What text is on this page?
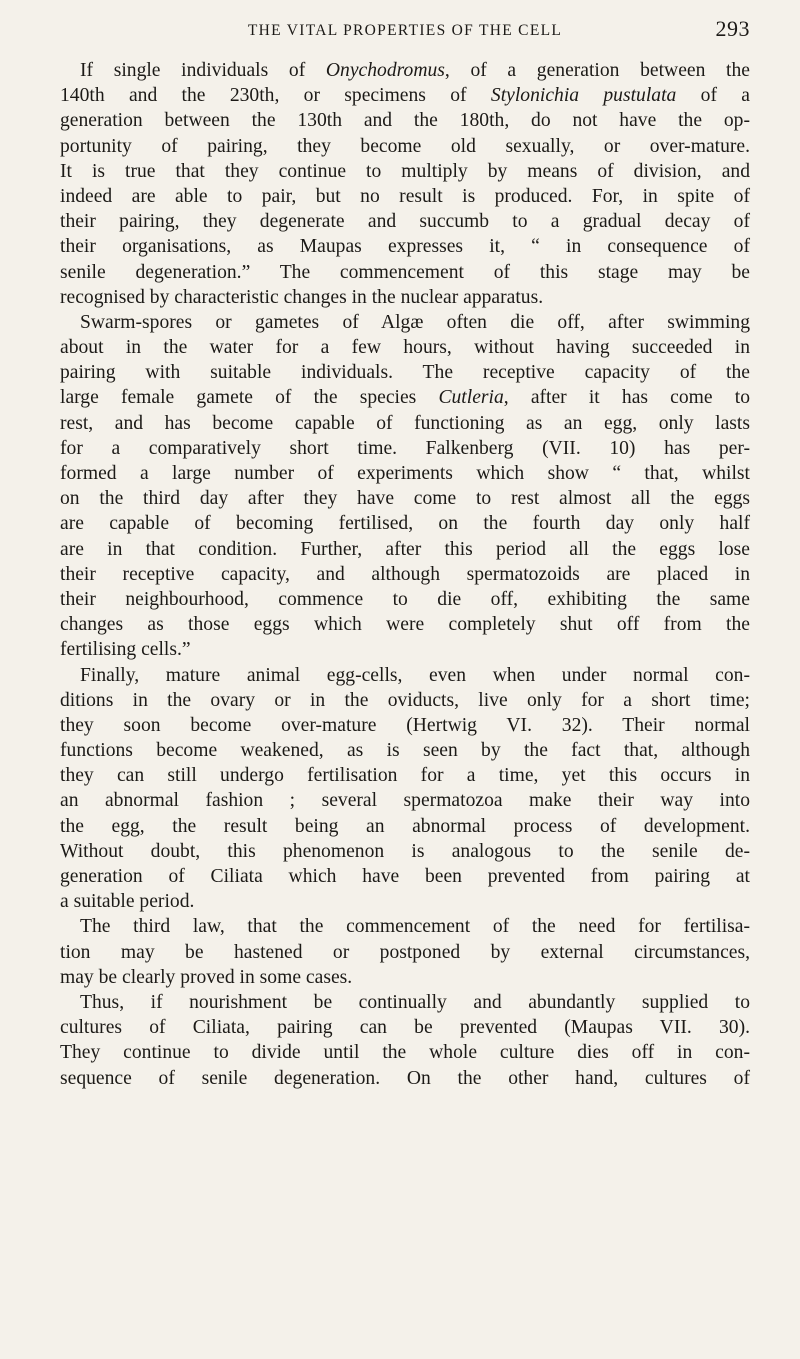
THE VITAL PROPERTIES OF THE CELL	293
If single individuals of Onychodromus, of a generation between the
140th and the 230th, or specimens of Stylonichia pustulata of a
generation between the 130th and the 180th, do not have the op-
portunity of pairing, they become old sexually, or over-mature.
It is true that they continue to multiply by means of division, and
indeed are able to pair, but no result is produced. For, in spite of
their pairing, they degenerate and succumb to a gradual decay of
their organisations, as Maupas expresses it, “ in consequence of
senile degeneration.” The commencement of this stage may be
recognised by characteristic changes in the nuclear apparatus.
Swarm-spores or gametes of Algæ often die off, after swimming
about in the water for a few hours, without having succeeded in
pairing with suitable individuals. The receptive capacity of the
large female gamete of the species Cutleria, after it has come to
rest, and has become capable of functioning as an egg, only lasts
for a comparatively short time. Falkenberg (VII. 10) has per-
formed a large number of experiments which show “ that, whilst
on the third day after they have come to rest almost all the eggs
are capable of becoming fertilised, on the fourth day only half
are in that condition. Further, after this period all the eggs lose
their receptive capacity, and although spermatozoids are placed in
their neighbourhood, commence to die off, exhibiting the same
changes as those eggs which were completely shut off from the
fertilising cells.”
Finally, mature animal egg-cells, even when under normal con-
ditions in the ovary or in the oviducts, live only for a short time;
they soon become over-mature (Hertwig VI. 32). Their normal
functions become weakened, as is seen by the fact that, although
they can still undergo fertilisation for a time, yet this occurs in
an abnormal fashion ; several spermatozoa make their way into
the egg, the result being an abnormal process of development.
Without doubt, this phenomenon is analogous to the senile de-
generation of Ciliata which have been prevented from pairing at
a suitable period.
The third law, that the commencement of the need for fertilisa-
tion may be hastened or postponed by external circumstances,
may be clearly proved in some cases.
Thus, if nourishment be continually and abundantly supplied to
cultures of Ciliata, pairing can be prevented (Maupas VII. 30).
They continue to divide until the whole culture dies off in con-
sequence of senile degeneration. On the other hand, cultures of
